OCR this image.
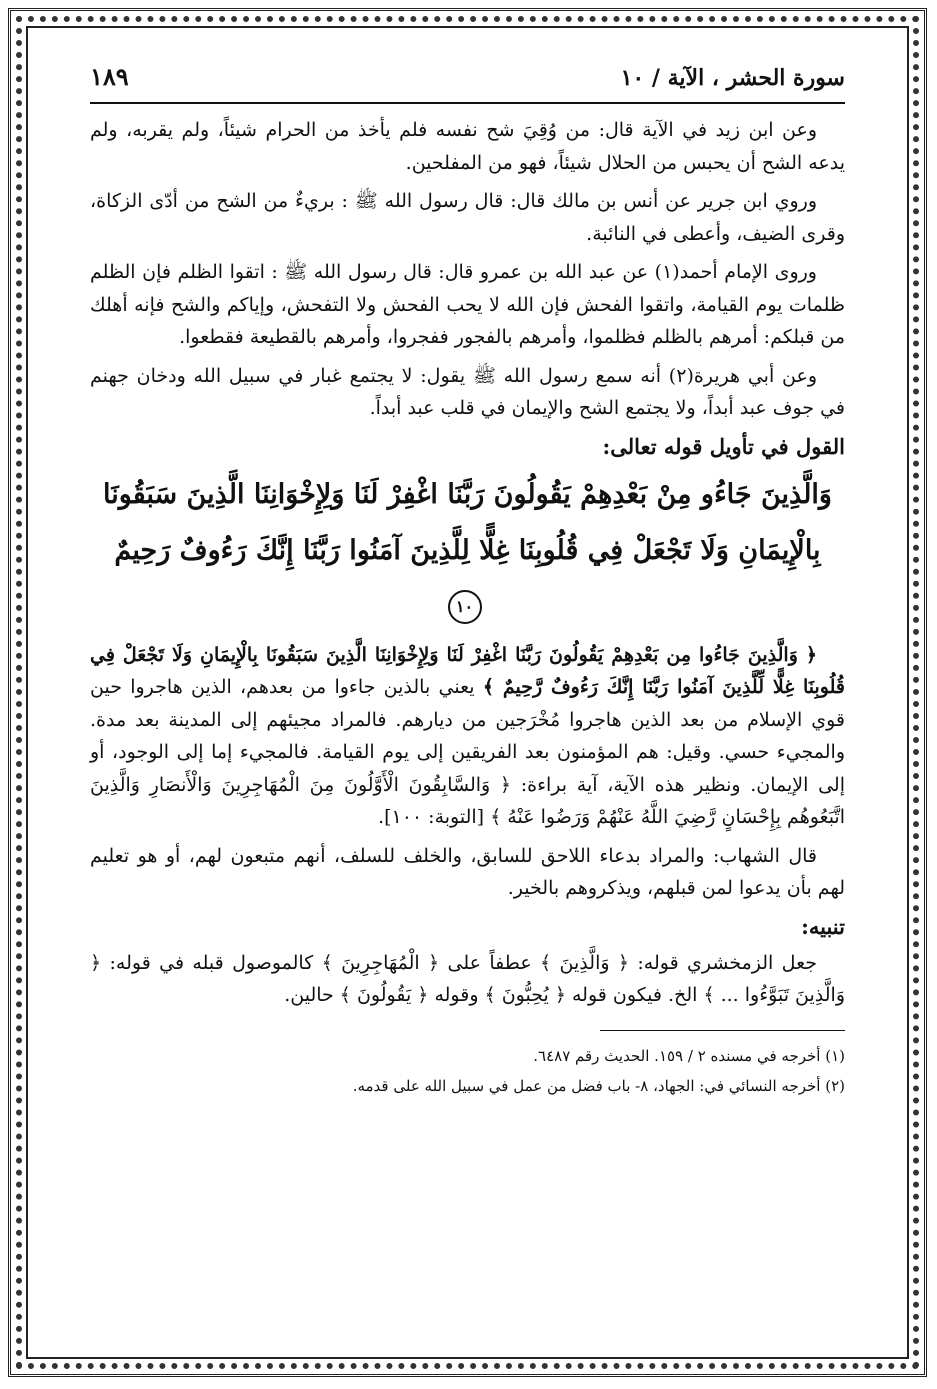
سورة الحشر ، الآية / ١٠
١٨٩

وعن ابن زيد في الآية قال: من وُقِيَ شح نفسه فلم يأخذ من الحرام شيئاً، ولم يقربه، ولم يدعه الشح أن يحبس من الحلال شيئاً، فهو من المفلحين.

وروي ابن جرير عن أنس بن مالك قال: قال رسول الله ﷺ : بريءٌ من الشح من أدّى الزكاة، وقرى الضيف، وأعطى في النائبة.

وروى الإمام أحمد(١) عن عبد الله بن عمرو قال: قال رسول الله ﷺ : اتقوا الظلم فإن الظلم ظلمات يوم القيامة، واتقوا الفحش فإن الله لا يحب الفحش ولا التفحش، وإياكم والشح فإنه أهلك من قبلكم: أمرهم بالظلم فظلموا، وأمرهم بالفجور ففجروا، وأمرهم بالقطيعة فقطعوا.

وعن أبي هريرة(٢) أنه سمع رسول الله ﷺ يقول: لا يجتمع غبار في سبيل الله ودخان جهنم في جوف عبد أبداً، ولا يجتمع الشح والإيمان في قلب عبد أبداً.

القول في تأويل قوله تعالى:
وَالَّذِينَ جَاءُو مِنْ بَعْدِهِمْ يَقُولُونَ رَبَّنَا اغْفِرْ لَنَا وَلِإِخْوَانِنَا الَّذِينَ سَبَقُونَا
بِالْإِيمَانِ وَلَا تَجْعَلْ فِي قُلُوبِنَا غِلًّا لِلَّذِينَ آمَنُوا رَبَّنَا إِنَّكَ رَءُوفٌ رَحِيمٌ ١٠

﴿ وَالَّذِينَ جَاءُوا مِن بَعْدِهِمْ يَقُولُونَ رَبَّنَا اغْفِرْ لَنَا وَلِإِخْوَانِنَا الَّذِينَ سَبَقُونَا بِالْإِيمَانِ وَلَا تَجْعَلْ فِي قُلُوبِنَا غِلًّا لِّلَّذِينَ آمَنُوا رَبَّنَا إِنَّكَ رَءُوفٌ رَّحِيمٌ ﴾ يعني بالذين جاءوا من بعدهم، الذين هاجروا حين قوي الإسلام من بعد الذين هاجروا مُخْرَجين من ديارهم. فالمراد مجيئهم إلى المدينة بعد مدة. والمجيء حسي. وقيل: هم المؤمنون بعد الفريقين إلى يوم القيامة. فالمجيء إما إلى الوجود، أو إلى الإيمان. ونظير هذه الآية، آية براءة: ﴿ وَالسَّابِقُونَ الْأَوَّلُونَ مِنَ الْمُهَاجِرِينَ وَالْأَنصَارِ وَالَّذِينَ اتَّبَعُوهُم بِإِحْسَانٍ رَّضِيَ اللَّهُ عَنْهُمْ وَرَضُوا عَنْهُ ﴾ [التوبة: ١٠٠].

قال الشهاب: والمراد بدعاء اللاحق للسابق، والخلف للسلف، أنهم متبعون لهم، أو هو تعليم لهم بأن يدعوا لمن قبلهم، ويذكروهم بالخير.

تنبيه:

جعل الزمخشري قوله: ﴿ وَالَّذِينَ ﴾ عطفاً على ﴿ الْمُهَاجِرِينَ ﴾ كالموصول قبله في قوله: ﴿ وَالَّذِينَ تَبَوَّءُوا ... ﴾ الخ. فيكون قوله ﴿ يُحِبُّونَ ﴾ وقوله ﴿ يَقُولُونَ ﴾ حالين.

(١) أخرجه في مسنده ٢ / ١٥٩. الحديث رقم ٦٤٨٧.

(٢) أخرجه النسائي في: الجهاد، ٨- باب فضل من عمل في سبيل الله على قدمه.
